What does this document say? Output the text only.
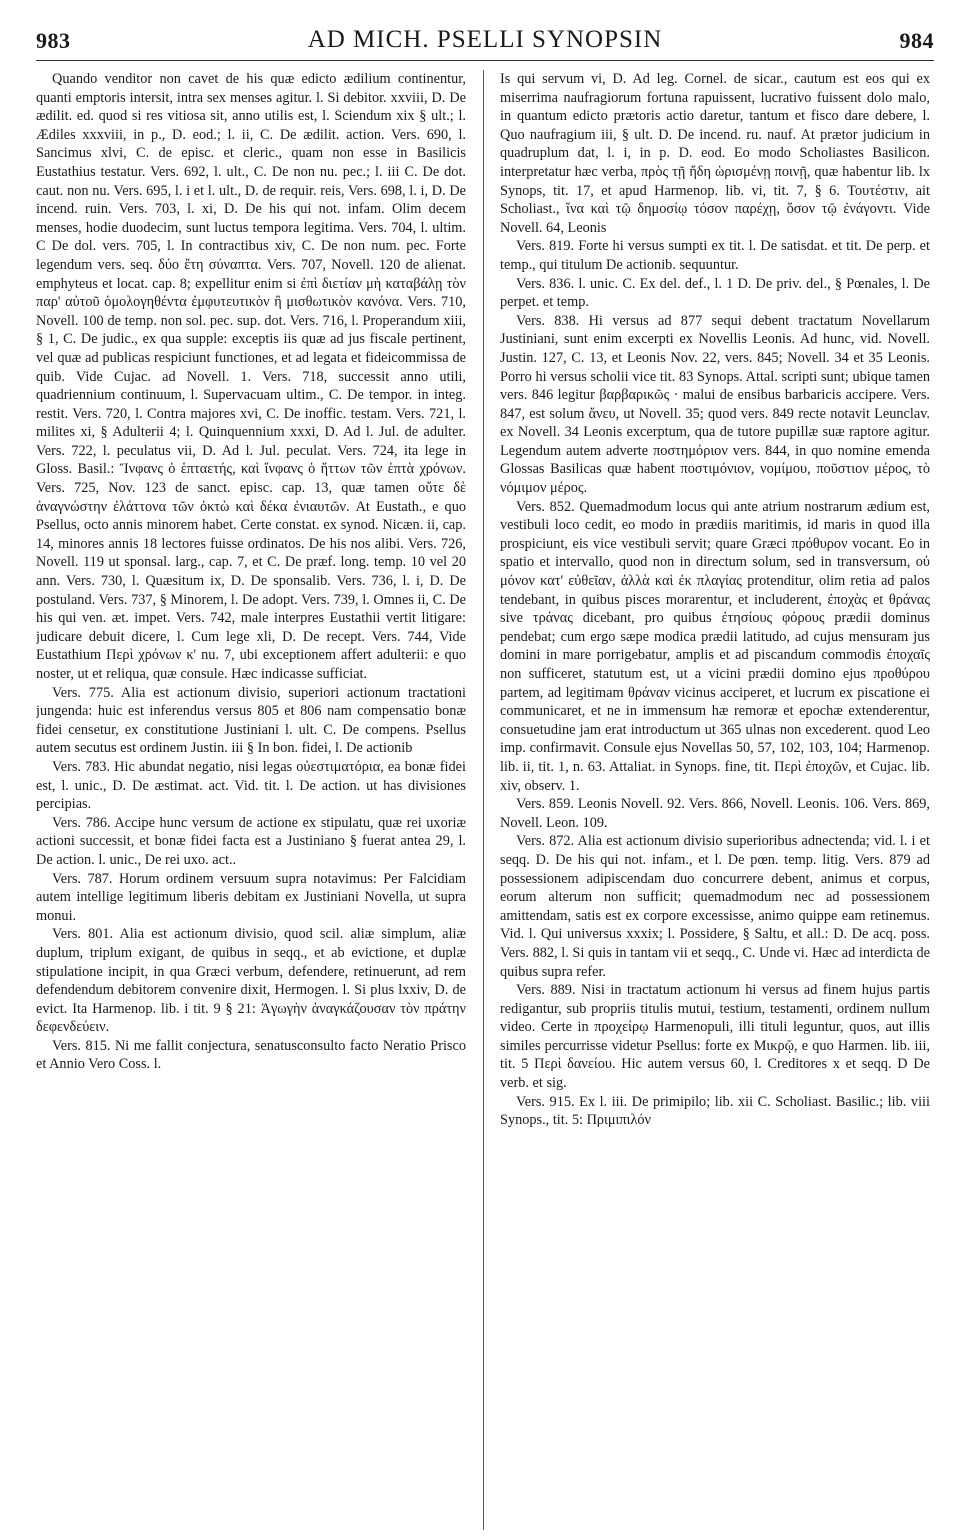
983	AD MICH. PSELLI SYNOPSIN	984

Quando venditor non cavet de his quæ edicto ædilium continentur, quanti emptoris intersit, intra sex menses agitur. l. Si debitor. xxviii, D. De ædilit. ed. quod si res vitiosa sit, anno utilis est, l. Sciendum xix § ult.; l. Ædiles xxxviii, in p., D. eod.; l. ii, C. De ædilit. action. Vers. 690, l. Sancimus xlvi, C. de episc. et cleric., quam non esse in Basilicis Eustathius testatur. Vers. 692, l. ult., C. De non nu. pec.; l. iii C. De dot. caut. non nu. Vers. 695, l. i et l. ult., D. de requir. reis, Vers. 698, l. i, D. De incend. ruin. Vers. 703, l. xi, D. De his qui not. infam. Olim decem menses, hodie duodecim, sunt luctus tempora legitima. Vers. 704, l. ultim. C De dol. vers. 705, l. In contractibus xiv, C. De non num. pec. Forte legendum vers. seq. δύο ἔτη σύναπτα. Vers. 707, Novell. 120 de alienat. emphyteus et locat. cap. 8; expellitur enim si ἐπὶ διετίαν μὴ καταβάλῃ τὸν παρ' αὐτοῦ ὁμολογηθέντα ἐμφυτευτικὸν ἢ μισθωτικὸν κανόνα. Vers. 710, Novell. 100 de temp. non sol. pec. sup. dot. Vers. 716, l. Properandum xiii, § 1, C. De judic., ex qua supple: exceptis iis quæ ad jus fiscale pertinent, vel quæ ad publicas respiciunt functiones, et ad legata et fideicommissa de quib. Vide Cujac. ad Novell. 1. Vers. 718, successit anno utili, quadriennium continuum, l. Supervacuam ultim., C. De tempor. in integ. restit. Vers. 720, l. Contra majores xvi, C. De inoffic. testam. Vers. 721, l. milites xi, § Adulterii 4; l. Quinquennium xxxi, D. Ad l. Jul. de adulter. Vers. 722, l. peculatus vii, D. Ad l. Jul. peculat. Vers. 724, ita lege in Gloss. Basil.: Ἴνφανς ὁ ἑπταετής, καὶ ἴνφανς ὁ ἥττων τῶν ἑπτὰ χρόνων. Vers. 725, Nov. 123 de sanct. episc. cap. 13, quæ tamen οὔτε δὲ ἀναγνώστην ἐλάττονα τῶν ὀκτὼ καὶ δέκα ἐνιαυτῶν. At Eustath., e quo Psellus, octo annis minorem habet. Certe constat. ex synod. Nicæn. ii, cap. 14, minores annis 18 lectores fuisse ordinatos. De his nos alibi. Vers. 726, Novell. 119 ut sponsal. larg., cap. 7, et C. De præf. long. temp. 10 vel 20 ann. Vers. 730, l. Quæsitum ix, D. De sponsalib. Vers. 736, l. i, D. De postuland. Vers. 737, § Minorem, l. De adopt. Vers. 739, l. Omnes ii, C. De his qui ven. æt. impet. Vers. 742, male interpres Eustathii vertit litigare: judicare debuit dicere, l. Cum lege xli, D. De recept. Vers. 744, Vide Eustathium Περὶ χρόνων κ' nu. 7, ubi exceptionem affert adulterii: e quo noster, ut et reliqua, quæ consule. Hæc indicasse sufficiat.

Vers. 775. Alia est actionum divisio, superiori actionum tractationi jungenda: huic est inferendus versus 805 et 806 nam compensatio bonæ fidei censetur, ex constitutione Justiniani l. ult. C. De compens. Psellus autem secutus est ordinem Justin. iii § In bon. fidei, l. De actionib

Vers. 783. Hic abundat negatio, nisi legas οὐεστιματόρια, ea bonæ fidei est, l. unic., D. De æstimat. act. Vid. tit. l. De action. ut has divisiones percipias.

Vers. 786. Accipe hunc versum de actione ex stipulatu, quæ rei uxoriæ actioni successit, et bonæ fidei facta est a Justiniano § fuerat antea 29, l. De action. l. unic., De rei uxo. act..

Vers. 787. Horum ordinem versuum supra notavimus: Per Falcidiam autem intellige legitimum liberis debitam ex Justiniani Novella, ut supra monui.

Vers. 801. Alia est actionum divisio, quod scil. aliæ simplum, aliæ duplum, triplum exigant, de quibus in seqq., et ab evictione, et duplæ stipulatione incipit, in qua Græci verbum, defendere, retinuerunt, ad rem defendendum debitorem convenire dixit, Hermogen. l. Si plus lxxiv, D. de evict. Ita Harmenop. lib. i tit. 9 § 21: Ἀγωγὴν ἀναγκάζουσαν τὸν πράτην δεφενδεύειν.

Vers. 815. Ni me fallit conjectura, senatusconsulto facto Neratio Prisco et Annio Vero Coss. l.

Is qui servum vi, D. Ad leg. Cornel. de sicar., cautum est eos qui ex miserrima naufragiorum fortuna rapuissent, lucrativo fuissent dolo malo, in quantum edicto prætoris actio daretur, tantum et fisco dare debere, l. Quo naufragium iii, § ult. D. De incend. ru. nauf. At prætor judicium in quadruplum dat, l. i, in p. D. eod. Eo modo Scholiastes Basilicon. interpretatur hæc verba, πρὸς τῇ ἤδη ὡρισμένῃ ποινῇ, quæ habentur lib. lx Synops, tit. 17, et apud Harmenop. lib. vi, tit. 7, § 6. Τουτέστιν, ait Scholiast., ἵνα καὶ τῷ δημοσίῳ τόσον παρέχῃ, ὅσον τῷ ἐνάγοντι. Vide Novell. 64, Leonis

Vers. 819. Forte hi versus sumpti ex tit. l. De satisdat. et tit. De perp. et temp., qui titulum De actionib. sequuntur.

Vers. 836. l. unic. C. Ex del. def., l. 1 D. De priv. del., § Pœnales, l. De perpet. et temp.

Vers. 838. Hi versus ad 877 sequi debent tractatum Novellarum Justiniani, sunt enim excerpti ex Novellis Leonis. Ad hunc, vid. Novell. Justin. 127, C. 13, et Leonis Nov. 22, vers. 845; Novell. 34 et 35 Leonis. Porro hi versus scholii vice tit. 83 Synops. Attal. scripti sunt; ubique tamen vers. 846 legitur βαρβαρικῶς · malui de ensibus barbaricis accipere. Vers. 847, est solum ἄνευ, ut Novell. 35; quod vers. 849 recte notavit Leunclav. ex Novell. 34 Leonis excerptum, qua de tutore pupillæ suæ raptore agitur. Legendum autem adverte ποστημόριον vers. 844, in quo nomine emenda Glossas Basilicas quæ habent ποστιμόνιον, νομίμου, ποῦστιον μέρος, τὸ νόμιμον μέρος.

Vers. 852. Quemadmodum locus qui ante atrium nostrarum ædium est, vestibuli loco cedit, eo modo in prædiis maritimis, id maris in quod illa prospiciunt, eis vice vestibuli servit; quare Græci πρόθυρον vocant. Eo in spatio et intervallo, quod non in directum solum, sed in transversum, οὐ μόνον κατ' εὐθεῖαν, ἀλλὰ καὶ ἐκ πλαγίας protenditur, olim retia ad palos tendebant, in quibus pisces morarentur, et includerent, ἐποχὰς et θράνας sive τράνας dicebant, pro quibus ἐτησίους φόρους prædii dominus pendebat; cum ergo sæpe modica prædii latitudo, ad cujus mensuram jus domini in mare porrigebatur, amplis et ad piscandum commodis ἐποχαῖς non sufficeret, statutum est, ut a vicini prædii domino ejus προθύρου partem, ad legitimam θράναν vicinus acciperet, et lucrum ex piscatione ei communicaret, et ne in immensum hæ remoræ et epochæ extenderentur, consuetudine jam erat introductum ut 365 ulnas non excederent. quod Leo imp. confirmavit. Consule ejus Novellas 50, 57, 102, 103, 104; Harmenop. lib. ii, tit. 1, n. 63. Attaliat. in Synops. fine, tit. Περὶ ἐποχῶν, et Cujac. lib. xiv, observ. 1.

Vers. 859. Leonis Novell. 92. Vers. 866, Novell. Leonis. 106. Vers. 869, Novell. Leon. 109.

Vers. 872. Alia est actionum divisio superioribus adnectenda; vid. l. i et seqq. D. De his qui not. infam., et l. De pœn. temp. litig. Vers. 879 ad possessionem adipiscendam duo concurrere debent, animus et corpus, eorum alterum non sufficit; quemadmodum nec ad possessionem amittendam, satis est ex corpore excessisse, animo quippe eam retinemus. Vid. l. Qui universus xxxix; l. Possidere, § Saltu, et all.: D. De acq. poss. Vers. 882, l. Si quis in tantam vii et seqq., C. Unde vi. Hæc ad interdicta de quibus supra refer.

Vers. 889. Nisi in tractatum actionum hi versus ad finem hujus partis redigantur, sub propriis titulis mutui, testium, testamenti, ordinem nullum video. Certe in προχείρῳ Harmenopuli, illi tituli leguntur, quos, aut illis similes percurrisse videtur Psellus: forte ex Μικρῷ, e quo Harmen. lib. iii, tit. 5 Περὶ δανείου. Hic autem versus 60, l. Creditores x et seqq. D De verb. et sig.

Vers. 915. Ex l. iii. De primipilo; lib. xii C. Scholiast. Basilic.; lib. viii Synops., tit. 5: Πριμιπιλόν
